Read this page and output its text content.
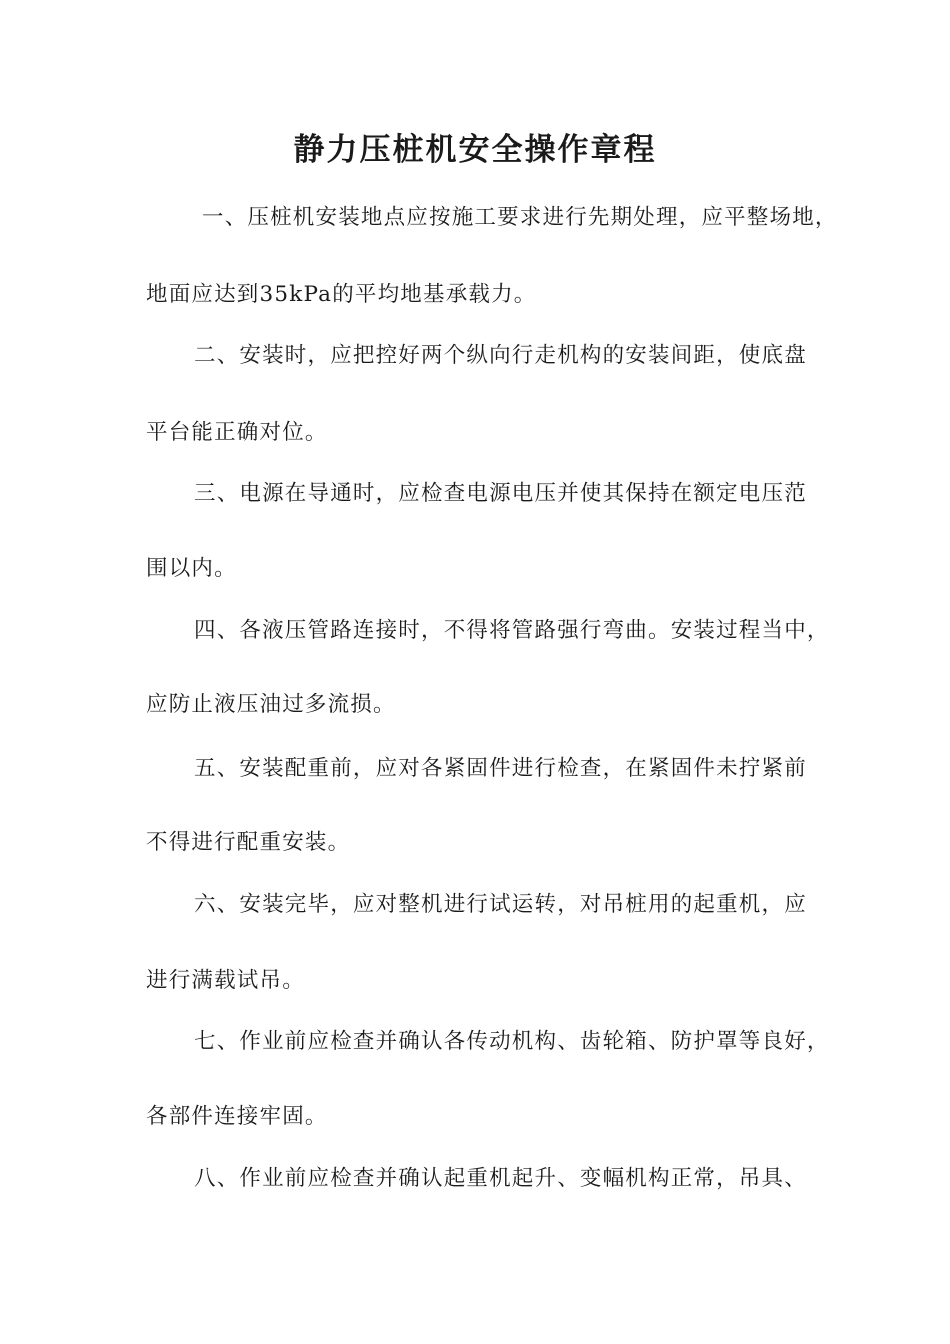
静力压桩机安全操作章程

一、压桩机安装地点应按施工要求进行先期处理，应平整场地，

地面应达到35kPa的平均地基承载力。

二、安装时，应把控好两个纵向行走机构的安装间距，使底盘

平台能正确对位。

三、电源在导通时，应检查电源电压并使其保持在额定电压范

围以内。

四、各液压管路连接时，不得将管路强行弯曲。安装过程当中，

应防止液压油过多流损。

五、安装配重前，应对各紧固件进行检查，在紧固件未拧紧前

不得进行配重安装。

六、安装完毕，应对整机进行试运转，对吊桩用的起重机，应

进行满载试吊。

七、作业前应检查并确认各传动机构、齿轮箱、防护罩等良好，

各部件连接牢固。

八、作业前应检查并确认起重机起升、变幅机构正常，吊具、
